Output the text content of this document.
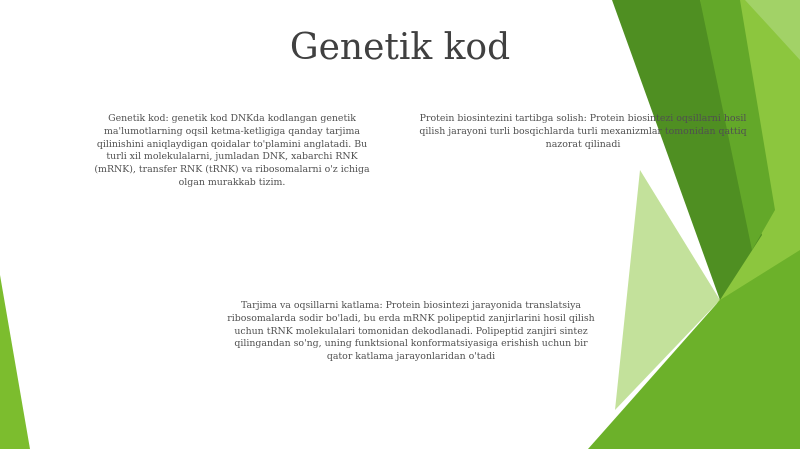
Genetik kod
Genetik kod: genetik kod DNKda kodlangan genetik ma'lumotlarning oqsil ketma-ketligiga qanday tarjima qilinishini aniqlaydigan qoidalar to'plamini anglatadi. Bu turli xil molekulalarni, jumladan DNK, xabarchi RNK (mRNK), transfer RNK (tRNK) va ribosomalarni o'z ichiga olgan murakkab tizim.
Protein biosintezini tartibga solish: Protein biosintezi oqsillarni hosil qilish jarayoni turli bosqichlarda turli mexanizmlar tomonidan qattiq nazorat qilinadi
Tarjima va oqsillarni katlama: Protein biosintezi jarayonida translatsiya ribosomalarda sodir bo'ladi, bu erda mRNK polipeptid zanjirlarini hosil qilish uchun tRNK molekulalari tomonidan dekodlanadi. Polipeptid zanjiri sintez qilingandan so'ng, uning funktsional konformatsiyasiga erishish uchun bir qator katlama jarayonlaridan o'tadi
